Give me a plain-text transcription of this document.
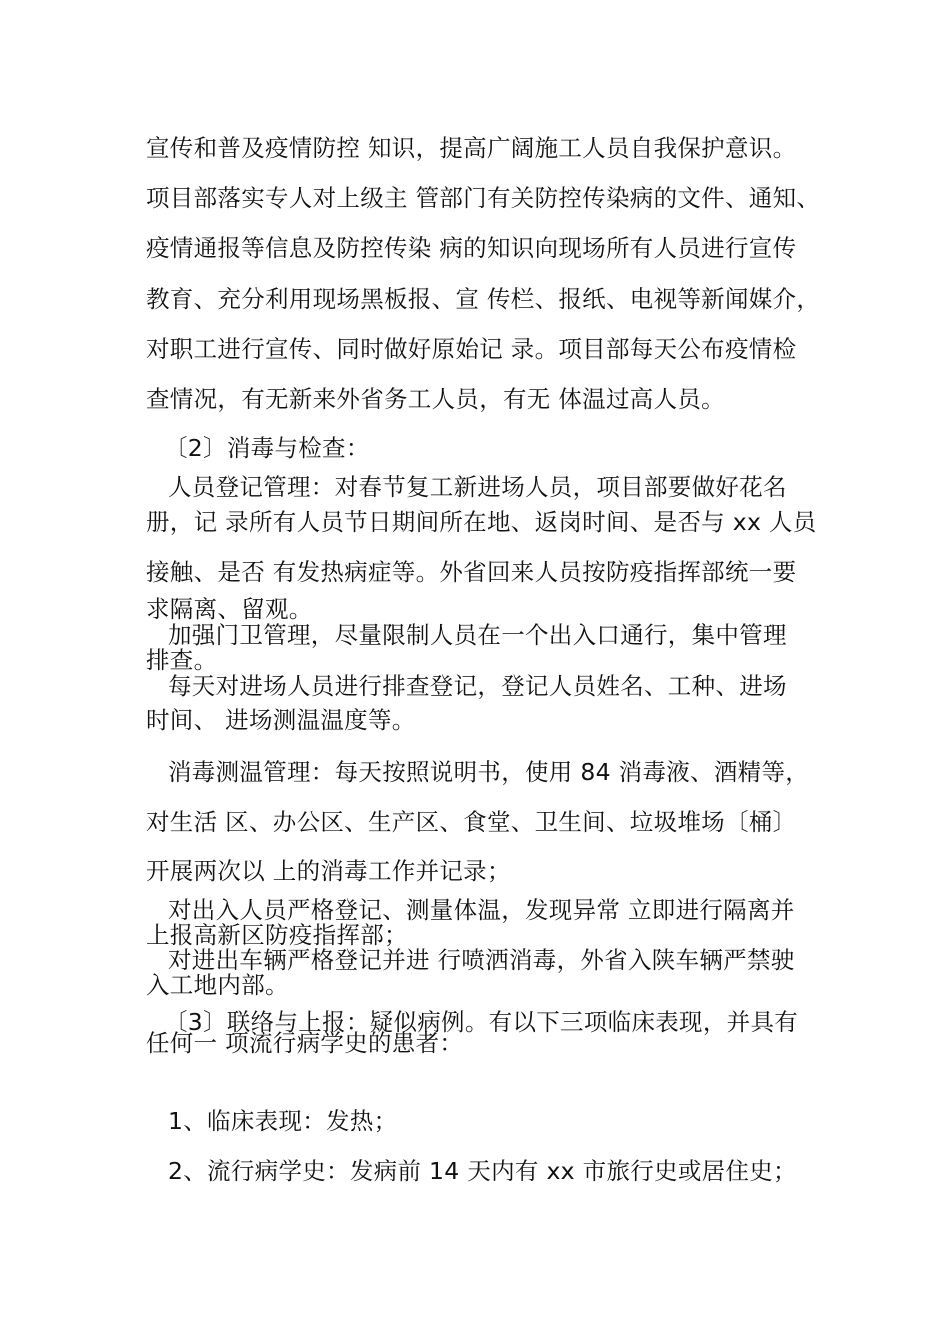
宣传和普及疫情防控 知识，提高广阔施工人员自我保护意识。
项目部落实专人对上级主 管部门有关防控传染病的文件、通知、
疫情通报等信息及防控传染 病的知识向现场所有人员进行宣传
教育、充分利用现场黑板报、宣 传栏、报纸、电视等新闻媒介，
对职工进行宣传、同时做好原始记 录。项目部每天公布疫情检
查情况，有无新来外省务工人员，有无 体温过高人员。
〔2〕消毒与检查：
人员登记管理：对春节复工新进场人员，项目部要做好花名
册，记 录所有人员节日期间所在地、返岗时间、是否与 xx 人员
接触、是否 有发热病症等。外省回来人员按防疫指挥部统一要
求隔离、留观。
加强门卫管理，尽量限制人员在一个出入口通行，集中管理
排查。
每天对进场人员进行排查登记，登记人员姓名、工种、进场
时间、 进场测温温度等。
消毒测温管理：每天按照说明书，使用 84 消毒液、酒精等，
对生活 区、办公区、生产区、食堂、卫生间、垃圾堆场〔桶〕
开展两次以 上的消毒工作并记录；
对出入人员严格登记、测量体温，发现异常 立即进行隔离并
上报高新区防疫指挥部；
对进出车辆严格登记并进 行喷洒消毒，外省入陕车辆严禁驶
入工地内部。
〔3〕联络与上报：疑似病例。有以下三项临床表现，并具有
任何一 项流行病学史的患者：
1、临床表现：发热；
2、流行病学史：发病前 14 天内有 xx 市旅行史或居住史；
